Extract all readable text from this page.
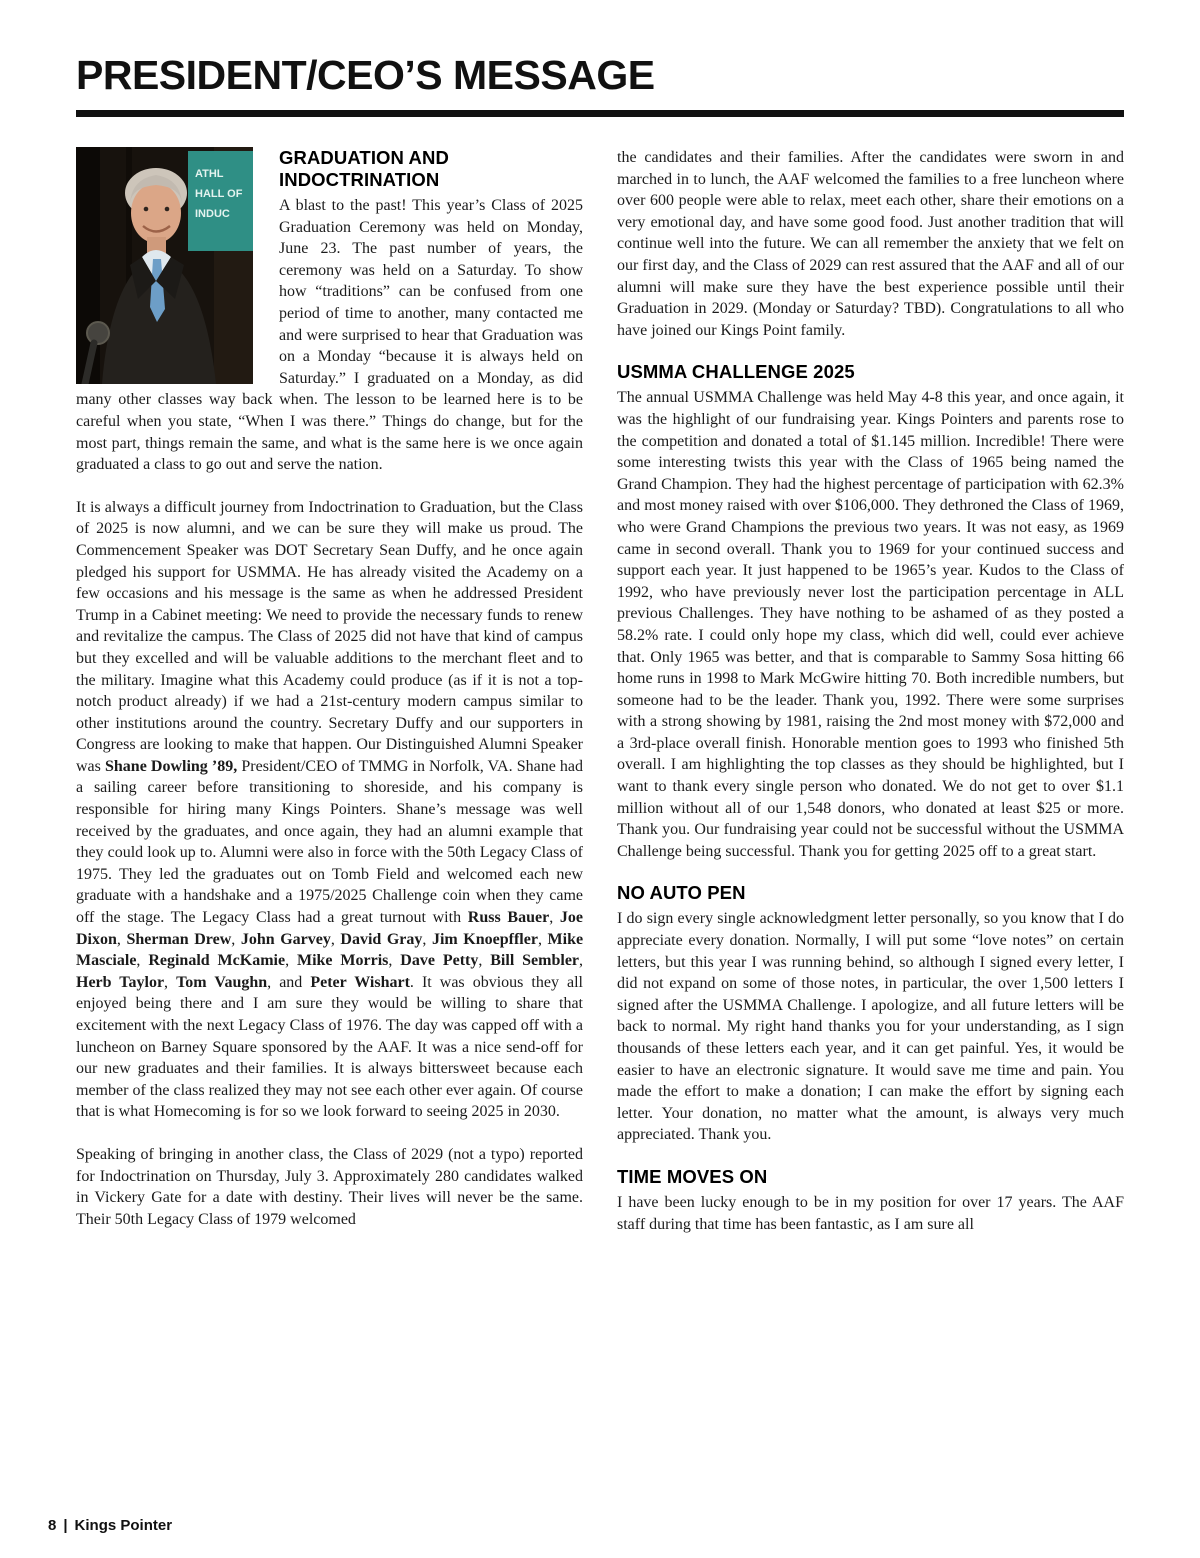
PRESIDENT/CEO’S MESSAGE
ATHL
HALL OF
INDUC
GRADUATION AND INDOCTRINATION

A blast to the past! This year’s Class of 2025 Graduation Ceremony was held on Monday, June 23. The past number of years, the ceremony was held on a Saturday. To show how “traditions” can be confused from one period of time to another, many contacted me and were surprised to hear that Graduation was on a Monday “because it is always held on Saturday.” I graduated on a Monday, as did many other classes way back when. The lesson to be learned here is to be careful when you state, “When I was there.” Things do change, but for the most part, things remain the same, and what is the same here is we once again graduated a class to go out and serve the nation.

It is always a difficult journey from Indoctrination to Graduation, but the Class of 2025 is now alumni, and we can be sure they will make us proud. The Commencement Speaker was DOT Secretary Sean Duffy, and he once again pledged his support for USMMA. He has already visited the Academy on a few occasions and his message is the same as when he addressed President Trump in a Cabinet meeting: We need to provide the necessary funds to renew and revitalize the campus. The Class of 2025 did not have that kind of campus but they excelled and will be valuable additions to the merchant fleet and to the military. Imagine what this Academy could produce (as if it is not a top-notch product already) if we had a 21st-century modern campus similar to other institutions around the country. Secretary Duffy and our supporters in Congress are looking to make that happen. Our Distinguished Alumni Speaker was Shane Dowling ’89, President/CEO of TMMG in Norfolk, VA. Shane had a sailing career before transitioning to shoreside, and his company is responsible for hiring many Kings Pointers. Shane’s message was well received by the graduates, and once again, they had an alumni example that they could look up to. Alumni were also in force with the 50th Legacy Class of 1975. They led the graduates out on Tomb Field and welcomed each new graduate with a handshake and a 1975/2025 Challenge coin when they came off the stage. The Legacy Class had a great turnout with Russ Bauer, Joe Dixon, Sherman Drew, John Garvey, David Gray, Jim Knoepffler, Mike Masciale, Reginald McKamie, Mike Morris, Dave Petty, Bill Sembler, Herb Taylor, Tom Vaughn, and Peter Wishart. It was obvious they all enjoyed being there and I am sure they would be willing to share that excitement with the next Legacy Class of 1976. The day was capped off with a luncheon on Barney Square sponsored by the AAF. It was a nice send-off for our new graduates and their families. It is always bittersweet because each member of the class realized they may not see each other ever again. Of course that is what Homecoming is for so we look forward to seeing 2025 in 2030.

Speaking of bringing in another class, the Class of 2029 (not a typo) reported for Indoctrination on Thursday, July 3. Approximately 280 candidates walked in Vickery Gate for a date with destiny. Their lives will never be the same. Their 50th Legacy Class of 1979 welcomed

the candidates and their families. After the candidates were sworn in and marched in to lunch, the AAF welcomed the families to a free luncheon where over 600 people were able to relax, meet each other, share their emotions on a very emotional day, and have some good food. Just another tradition that will continue well into the future. We can all remember the anxiety that we felt on our first day, and the Class of 2029 can rest assured that the AAF and all of our alumni will make sure they have the best experience possible until their Graduation in 2029. (Monday or Saturday? TBD). Congratulations to all who have joined our Kings Point family.

USMMA CHALLENGE 2025

The annual USMMA Challenge was held May 4-8 this year, and once again, it was the highlight of our fundraising year. Kings Pointers and parents rose to the competition and donated a total of $1.145 million. Incredible! There were some interesting twists this year with the Class of 1965 being named the Grand Champion. They had the highest percentage of participation with 62.3% and most money raised with over $106,000. They dethroned the Class of 1969, who were Grand Champions the previous two years. It was not easy, as 1969 came in second overall. Thank you to 1969 for your continued success and support each year. It just happened to be 1965’s year. Kudos to the Class of 1992, who have previously never lost the participation percentage in ALL previous Challenges. They have nothing to be ashamed of as they posted a 58.2% rate. I could only hope my class, which did well, could ever achieve that. Only 1965 was better, and that is comparable to Sammy Sosa hitting 66 home runs in 1998 to Mark McGwire hitting 70. Both incredible numbers, but someone had to be the leader. Thank you, 1992. There were some surprises with a strong showing by 1981, raising the 2nd most money with $72,000 and a 3rd-place overall finish. Honorable mention goes to 1993 who finished 5th overall. I am highlighting the top classes as they should be highlighted, but I want to thank every single person who donated. We do not get to over $1.1 million without all of our 1,548 donors, who donated at least $25 or more. Thank you. Our fundraising year could not be successful without the USMMA Challenge being successful. Thank you for getting 2025 off to a great start.

NO AUTO PEN

I do sign every single acknowledgment letter personally, so you know that I do appreciate every donation. Normally, I will put some “love notes” on certain letters, but this year I was running behind, so although I signed every letter, I did not expand on some of those notes, in particular, the over 1,500 letters I signed after the USMMA Challenge. I apologize, and all future letters will be back to normal. My right hand thanks you for your understanding, as I sign thousands of these letters each year, and it can get painful. Yes, it would be easier to have an electronic signature. It would save me time and pain. You made the effort to make a donation; I can make the effort by signing each letter. Your donation, no matter what the amount, is always very much appreciated. Thank you.

TIME MOVES ON

I have been lucky enough to be in my position for over 17 years. The AAF staff during that time has been fantastic, as I am sure all

8 | Kings Pointer
